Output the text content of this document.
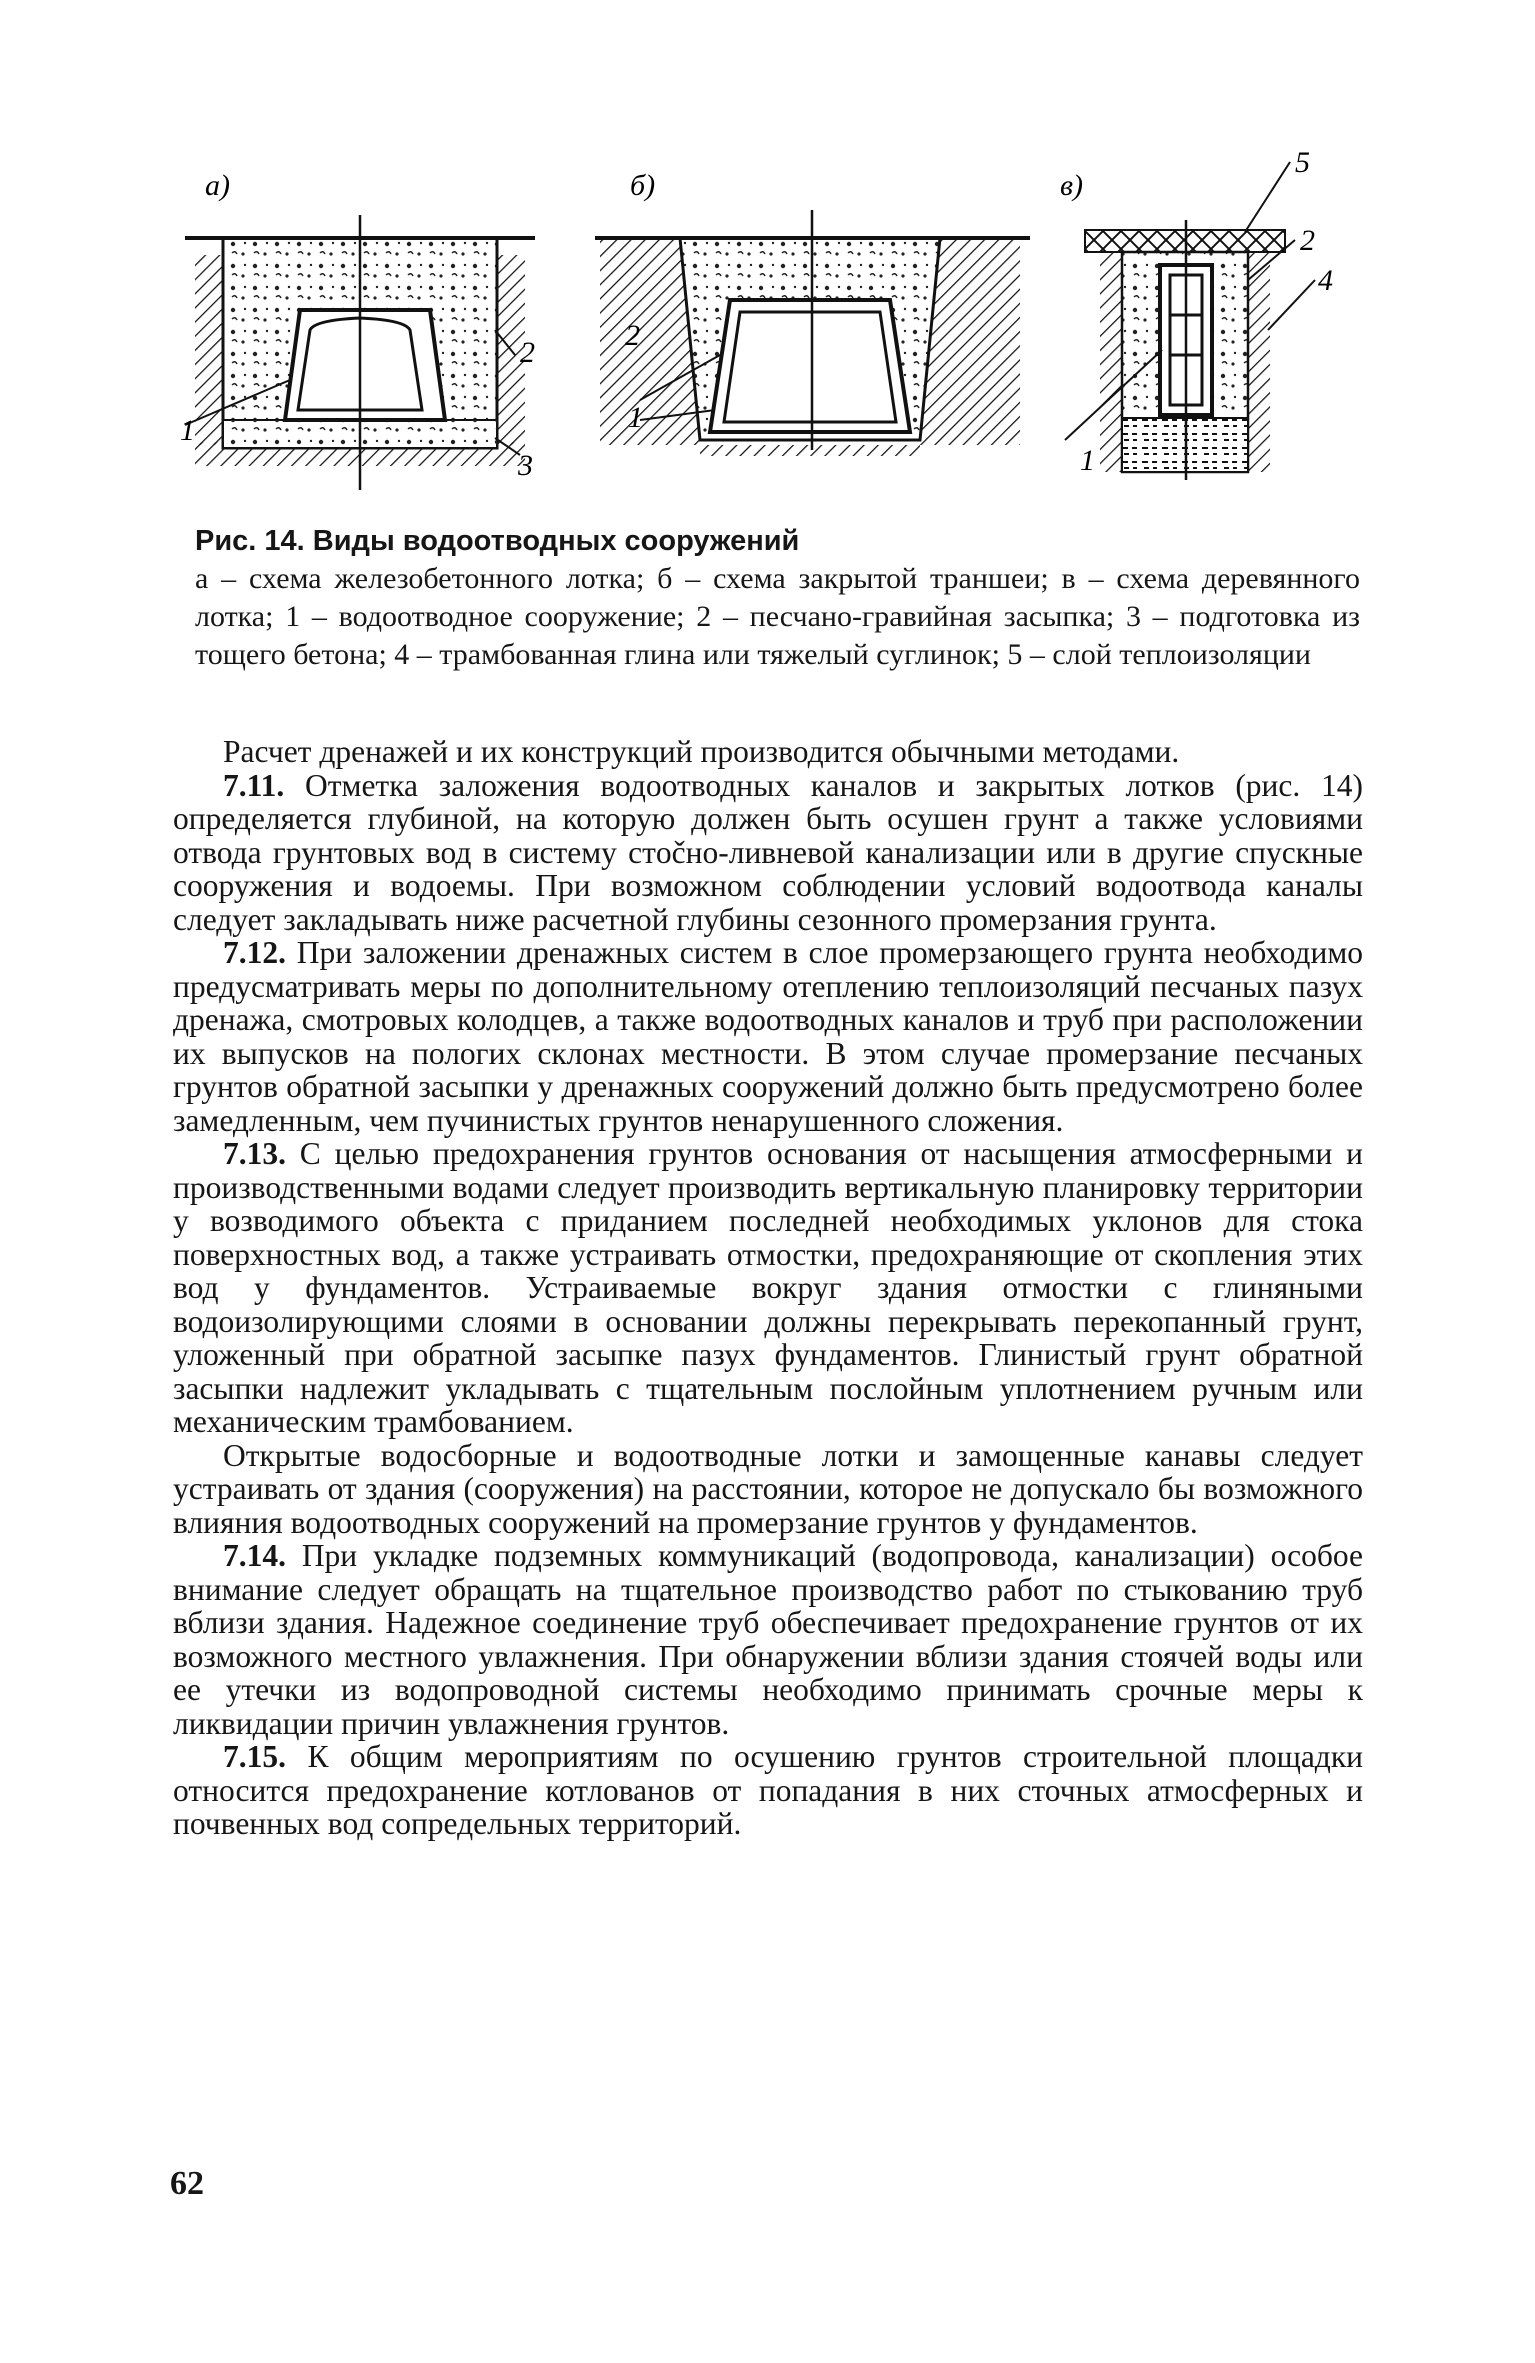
а)
1
2
3
б)
2
1
в)
5
2
4
1
Рис. 14. Виды водоотводных сооружений
а – схема железобетонного лотка; б – схема закрытой траншеи; в – схема деревянного лотка; 1 – водоотводное сооружение; 2 – песчано-гравийная засыпка; 3 – подготовка из тощего бетона; 4 – трамбованная глина или тяжелый суглинок; 5 – слой теплоизоляции

Расчет дренажей и их конструкций производится обычными методами.

7.11. Отметка заложения водоотводных каналов и закрытых лотков (рис. 14) определяется глубиной, на которую должен быть осушен грунт а также условиями отвода грунтовых вод в систему стočно-ливневой канализации или в другие спускные сооружения и водоемы. При возможном соблюдении условий водоотвода каналы следует закладывать ниже расчетной глубины сезонного промерзания грунта.

7.12. При заложении дренажных систем в слое промерзающего грунта необходимо предусматривать меры по дополнительному отеплению теплоизоляций песчаных пазух дренажа, смотровых колодцев, а также водоотводных каналов и труб при расположении их выпусков на пологих склонах местности. В этом случае промерзание песчаных грунтов обратной засыпки у дренажных сооружений должно быть предусмотрено более замедленным, чем пучинистых грунтов ненарушенного сложения.

7.13. С целью предохранения грунтов основания от насыщения атмосферными и производственными водами следует производить вертикальную планировку территории у возводимого объекта с приданием последней необходимых уклонов для стока поверхностных вод, а также устраивать отмостки, предохраняющие от скопления этих вод у фундаментов. Устраиваемые вокруг здания отмостки с глиняными водоизолирующими слоями в основании должны перекрывать перекопанный грунт, уложенный при обратной засыпке пазух фундаментов. Глинистый грунт обратной засыпки надлежит укладывать с тщательным послойным уплотнением ручным или механическим трамбованием.

Открытые водосборные и водоотводные лотки и замощенные канавы следует устраивать от здания (сооружения) на расстоянии, которое не допускало бы возможного влияния водоотводных сооружений на промерзание грунтов у фундаментов.

7.14. При укладке подземных коммуникаций (водопровода, канализации) особое внимание следует обращать на тщательное производство работ по стыкованию труб вблизи здания. Надежное соединение труб обеспечивает предохранение грунтов от их возможного местного увлажнения. При обнаружении вблизи здания стоячей воды или ее утечки из водопроводной системы необходимо принимать срочные меры к ликвидации причин увлажнения грунтов.

7.15. К общим мероприятиям по осушению грунтов строительной площадки относится предохранение котлованов от попадания в них сточных атмосферных и почвенных вод сопредельных территорий.

62
